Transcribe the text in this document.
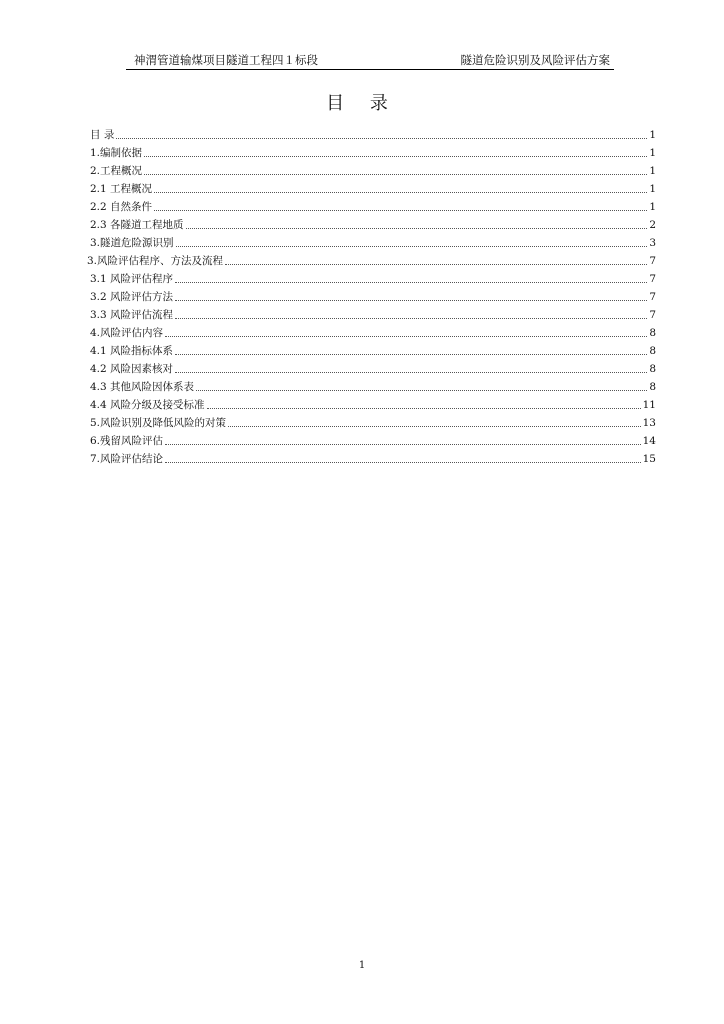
神渭管道输煤项目隧道工程四１标段	隧道危险识别及风险评估方案
目 录
目 录	1
1.编制依据	1
2.工程概况	1
2.1 工程概况	1
2.2 自然条件	1
2.3 各隧道工程地质	2
3.隧道危险源识别	3
3.风险评估程序、方法及流程	7
3.1 风险评估程序	7
3.2 风险评估方法	7
3.3 风险评估流程	7
4.风险评估内容	8
4.1 风险指标体系	8
4.2 风险因素核对	8
4.3 其他风险因体系表	8
4.4 风险分级及接受标准	11
5.风险识别及降低风险的对策	13
6.残留风险评估	14
7.风险评估结论	15
1
